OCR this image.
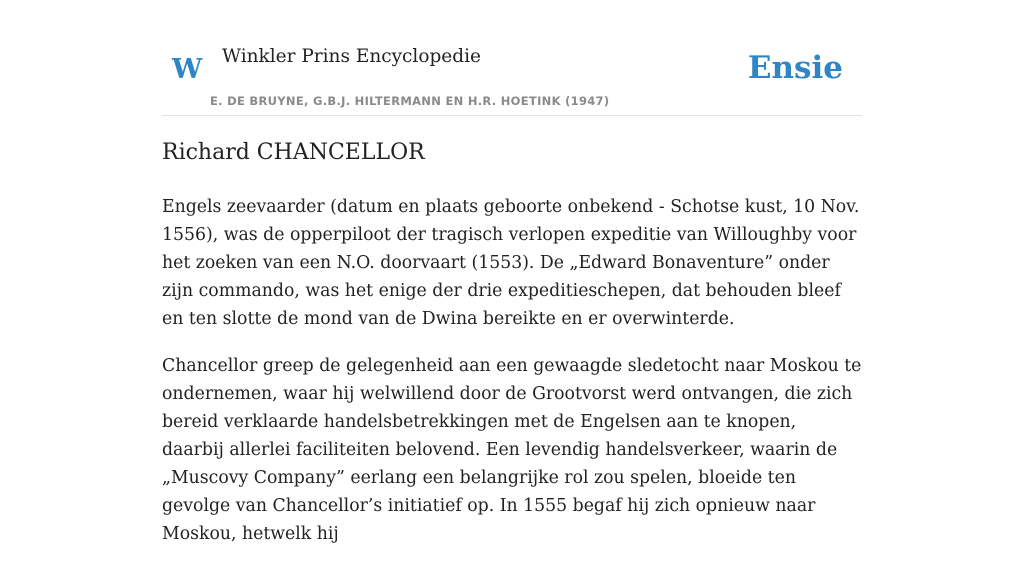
W Winkler Prins Encyclopedie
E. DE BRUYNE, G.B.J. HILTERMANN EN H.R. HOETINK (1947)
Ensie
Richard CHANCELLOR

Engels zeevaarder (datum en plaats geboorte onbekend - Schotse kust, 10 Nov. 1556), was de opperpiloot der tragisch verlopen expeditie van Willoughby voor het zoeken van een N.O. doorvaart (1553). De „Edward Bonaventure” onder zijn commando, was het enige der drie expeditieschepen, dat behouden bleef en ten slotte de mond van de Dwina bereikte en er overwinterde.

Chancellor greep de gelegenheid aan een gewaagde sledetocht naar Moskou te ondernemen, waar hij welwillend door de Grootvorst werd ontvangen, die zich bereid verklaarde handelsbetrekkingen met de Engelsen aan te knopen, daarbij allerlei faciliteiten belovend. Een levendig handelsverkeer, waarin de „Muscovy Company” eerlang een belangrijke rol zou spelen, bloeide ten gevolge van Chancellor’s initiatief op. In 1555 begaf hij zich opnieuw naar Moskou, hetwelk hij
